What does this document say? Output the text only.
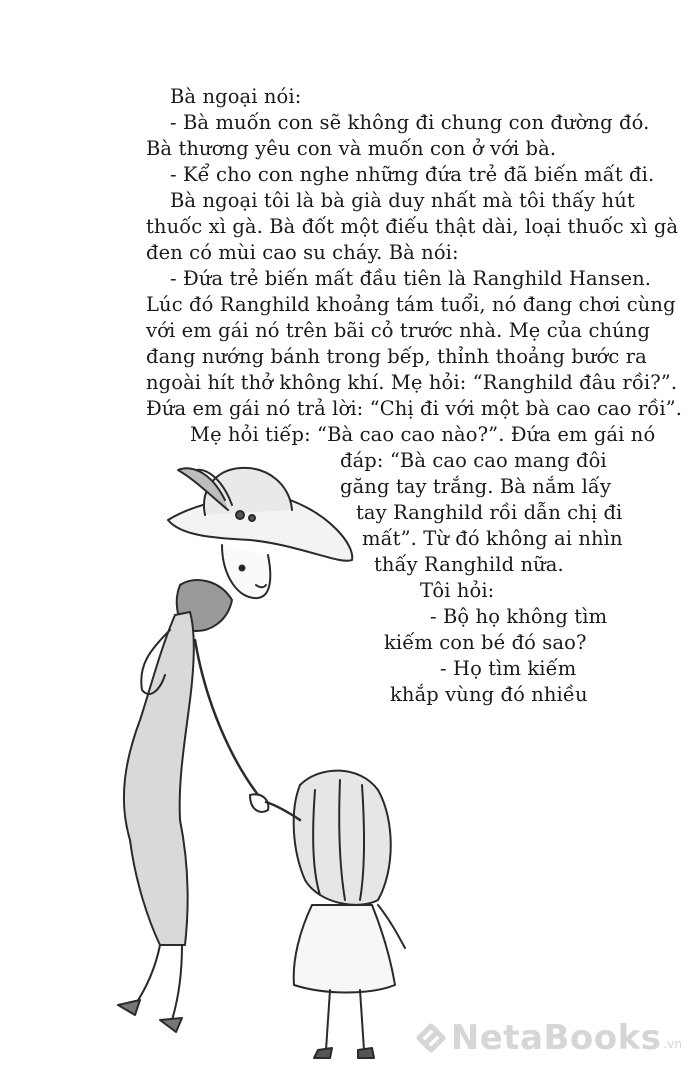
Bà ngoại nói:
- Bà muốn con sẽ không đi chung con đường đó.
Bà thương yêu con và muốn con ở với bà.
- Kể cho con nghe những đứa trẻ đã biến mất đi.
Bà ngoại tôi là bà già duy nhất mà tôi thấy hút
thuốc xì gà. Bà đốt một điếu thật dài, loại thuốc xì gà
đen có mùi cao su cháy. Bà nói:
- Đứa trẻ biến mất đầu tiên là Ranghild Hansen.
Lúc đó Ranghild khoảng tám tuổi, nó đang chơi cùng
với em gái nó trên bãi cỏ trước nhà. Mẹ của chúng
đang nướng bánh trong bếp, thỉnh thoảng bước ra
ngoài hít thở không khí. Mẹ hỏi: “Ranghild đâu rồi?”.
Đứa em gái nó trả lời: “Chị đi với một bà cao cao rồi”.
Mẹ hỏi tiếp: “Bà cao cao nào?”. Đứa em gái nó
đáp: “Bà cao cao mang đôi
găng tay trắng. Bà nắm lấy
tay Ranghild rồi dẫn chị đi
mất”. Từ đó không ai nhìn
thấy Ranghild nữa.
Tôi hỏi:
- Bộ họ không tìm
kiếm con bé đó sao?
- Họ tìm kiếm
khắp vùng đó nhiều
NetaBooks .vn
